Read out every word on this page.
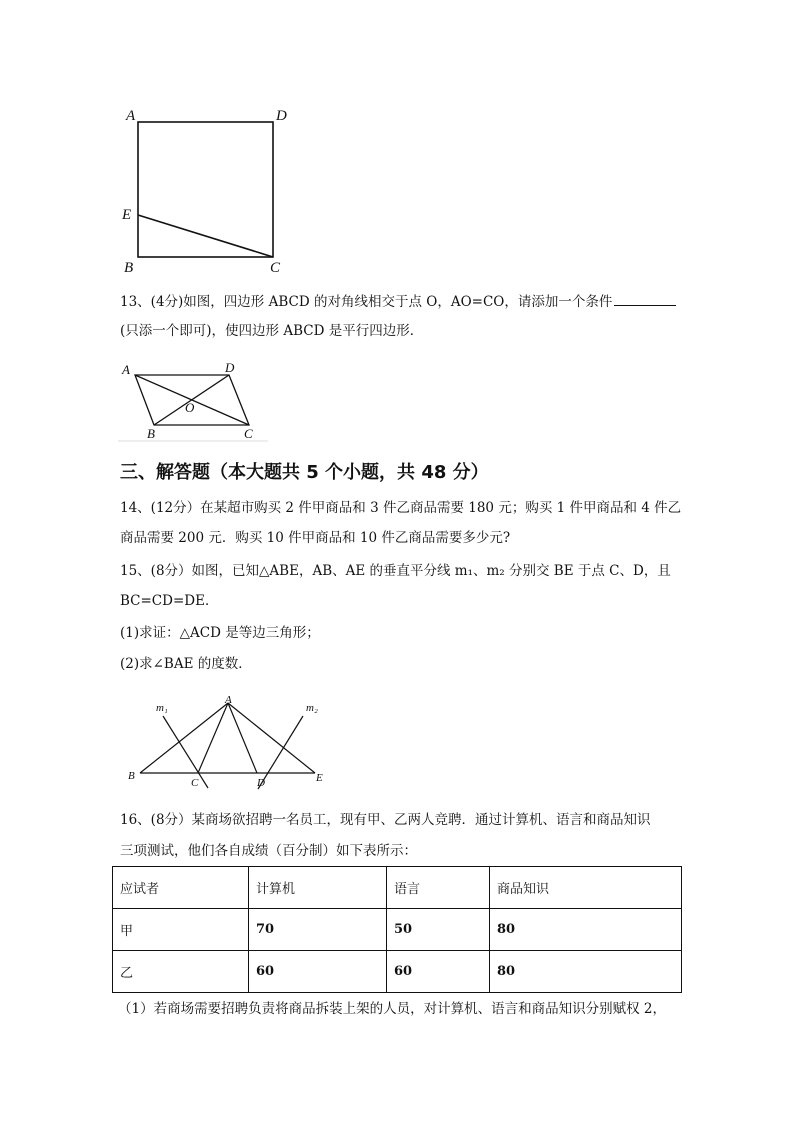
A	D
E
B	C
13、(4分)如图，四边形 ABCD 的对角线相交于点 O，AO=CO，请添加一个条件
(只添一个即可)，使四边形 ABCD 是平行四边形．
A	D
O
B	C
三、解答题（本大题共 5 个小题，共 48 分）
14、(12分）在某超市购买 2 件甲商品和 3 件乙商品需要 180 元；购买 1 件甲商品和 4 件乙
商品需要 200 元．购买 10 件甲商品和 10 件乙商品需要多少元?
15、(8分）如图，已知△ABE，AB、AE 的垂直平分线 m₁、m₂ 分别交 BE 于点 C、D，且
BC=CD=DE．
(1)求证：△ACD 是等边三角形；
(2)求∠BAE 的度数．
A
m₁	m₂
B
C	D	E
16、(8分）某商场欲招聘一名员工，现有甲、乙两人竞聘．通过计算机、语言和商品知识
三项测试，他们各自成绩（百分制）如下表所示：
应试者	计算机	语言	商品知识
甲	70	50	80
乙	60	60	80
（1）若商场需要招聘负责将商品拆装上架的人员，对计算机、语言和商品知识分别赋权 2，
